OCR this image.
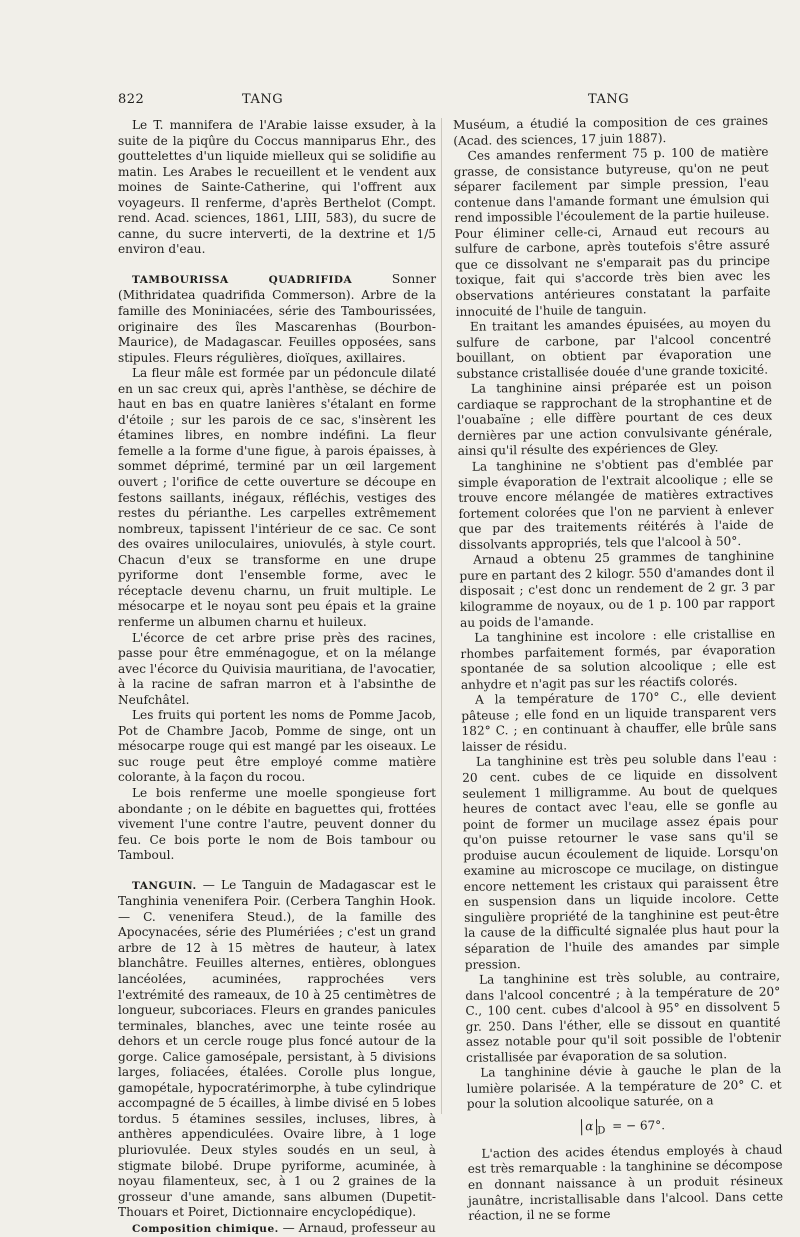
822	TANG	TANG

Le T. mannifera de l'Arabie laisse exsuder, à la suite de la piqûre du Coccus manniparus Ehr., des gouttelettes d'un liquide mielleux qui se solidifie au matin. Les Arabes le recueillent et le vendent aux moines de Sainte-Catherine, qui l'offrent aux voyageurs. Il renferme, d'après Berthelot (Compt. rend. Acad. sciences, 1861, LIII, 583), du sucre de canne, du sucre interverti, de la dextrine et 1/5 environ d'eau.

TAMBOURISSA QUADRIFIDA	Sonner (Mithridatea quadrifida Commerson). Arbre de la famille des Moniniacées, série des Tambourissées, originaire des îles Mascarenhas (Bourbon-Maurice), de Madagascar. Feuilles opposées, sans stipules. Fleurs régulières, dioïques, axillaires.

La fleur mâle est formée par un pédoncule dilaté en un sac creux qui, après l'anthèse, se déchire de haut en bas en quatre lanières s'étalant en forme d'étoile ; sur les parois de ce sac, s'insèrent les étamines libres, en nombre indéfini. La fleur femelle a la forme d'une figue, à parois épaisses, à sommet déprimé, terminé par un œil largement ouvert ; l'orifice de cette ouverture se découpe en festons saillants, inégaux, réfléchis, vestiges des restes du périanthe. Les carpelles extrêmement nombreux, tapissent l'intérieur de ce sac. Ce sont des ovaires uniloculaires, uniovulés, à style court. Chacun d'eux se transforme en une drupe pyriforme dont l'ensemble forme, avec le réceptacle devenu charnu, un fruit multiple. Le mésocarpe et le noyau sont peu épais et la graine renferme un albumen charnu et huileux.

L'écorce de cet arbre prise près des racines, passe pour être emménagogue, et on la mélange avec l'écorce du Quivisia mauritiana, de l'avocatier, à la racine de safran marron et à l'absinthe de Neufchâtel.

Les fruits qui portent les noms de Pomme Jacob, Pot de Chambre Jacob, Pomme de singe, ont un mésocarpe rouge qui est mangé par les oiseaux. Le suc rouge peut être employé comme matière colorante, à la façon du rocou.

Le bois renferme une moelle spongieuse fort abondante ; on le débite en baguettes qui, frottées vivement l'une contre l'autre, peuvent donner du feu. Ce bois porte le nom de Bois tambour ou Tamboul.

TANGUIN. — Le Tanguin de Madagascar est le Tanghinia venenifera Poir. (Cerbera Tanghin Hook. — C. venenifera Steud.), de la famille des Apocynacées, série des Plumériées ; c'est un grand arbre de 12 à 15 mètres de hauteur, à latex blanchâtre. Feuilles alternes, entières, oblongues lancéolées, acuminées, rapprochées vers l'extrémité des rameaux, de 10 à 25 centimètres de longueur, subcoriaces. Fleurs en grandes panicules terminales, blanches, avec une teinte rosée au dehors et un cercle rouge plus foncé autour de la gorge. Calice gamosépale, persistant, à 5 divisions larges, foliacées, étalées. Corolle plus longue, gamopétale, hypocratérimorphe, à tube cylindrique accompagné de 5 écailles, à limbe divisé en 5 lobes tordus. 5 étamines sessiles, incluses, libres, à anthères appendiculées. Ovaire libre, à 1 loge pluriovulée. Deux styles soudés en un seul, à stigmate bilobé. Drupe pyriforme, acuminée, à noyau filamenteux, sec, à 1 ou 2 graines de la grosseur d'une amande, sans albumen (Dupetit-Thouars et Poiret, Dictionnaire encyclopédique).

Composition chimique. — Arnaud, professeur au

Muséum, a étudié la composition de ces graines (Acad. des sciences, 17 juin 1887).

Ces amandes renferment 75 p. 100 de matière grasse, de consistance butyreuse, qu'on ne peut séparer facilement par simple pression, l'eau contenue dans l'amande formant une émulsion qui rend impossible l'écoulement de la partie huileuse. Pour éliminer celle-ci, Arnaud eut recours au sulfure de carbone, après toutefois s'être assuré que ce dissolvant ne s'emparait pas du principe toxique, fait qui s'accorde très bien avec les observations antérieures constatant la parfaite innocuité de l'huile de tanguin.

En traitant les amandes épuisées, au moyen du sulfure de carbone, par l'alcool concentré bouillant, on obtient par évaporation une substance cristallisée douée d'une grande toxicité.

La tanghinine ainsi préparée est un poison cardiaque se rapprochant de la strophantine et de l'ouabaïne ; elle diffère pourtant de ces deux dernières par une action convulsivante générale, ainsi qu'il résulte des expériences de Gley.

La tanghinine ne s'obtient pas d'emblée par simple évaporation de l'extrait alcoolique ; elle se trouve encore mélangée de matières extractives fortement colorées que l'on ne parvient à enlever que par des traitements réitérés à l'aide de dissolvants appropriés, tels que l'alcool à 50°.

Arnaud a obtenu 25 grammes de tanghinine pure en partant des 2 kilogr. 550 d'amandes dont il disposait ; c'est donc un rendement de 2 gr. 3 par kilogramme de noyaux, ou de 1 p. 100 par rapport au poids de l'amande.

La tanghinine est incolore : elle cristallise en rhombes parfaitement formés, par évaporation spontanée de sa solution alcoolique ; elle est anhydre et n'agit pas sur les réactifs colorés.

A la température de 170° C., elle devient pâteuse ; elle fond en un liquide transparent vers 182° C. ; en continuant à chauffer, elle brûle sans laisser de résidu.

La tanghinine est très peu soluble dans l'eau : 20 cent. cubes de ce liquide en dissolvent seulement 1 milligramme. Au bout de quelques heures de contact avec l'eau, elle se gonfle au point de former un mucilage assez épais pour qu'on puisse retourner le vase sans qu'il se produise aucun écoulement de liquide. Lorsqu'on examine au microscope ce mucilage, on distingue encore nettement les cristaux qui paraissent être en suspension dans un liquide incolore. Cette singulière propriété de la tanghinine est peut-être la cause de la difficulté signalée plus haut pour la séparation de l'huile des amandes par simple pression.

La tanghinine est très soluble, au contraire, dans l'alcool concentré ; à la température de 20° C., 100 cent. cubes d'alcool à 95° en dissolvent 5 gr. 250. Dans l'éther, elle se dissout en quantité assez notable pour qu'il soit possible de l'obtenir cristallisée par évaporation de sa solution.

La tanghinine dévie à gauche le plan de la lumière polarisée. A la température de 20° C. et pour la solution alcoolique saturée, on a

α $_D$ = − 67°.

L'action des acides étendus employés à chaud est très remarquable : la tanghinine se décompose en donnant naissance à un produit résineux jaunâtre, incristallisable dans l'alcool. Dans cette réaction, il ne se forme
